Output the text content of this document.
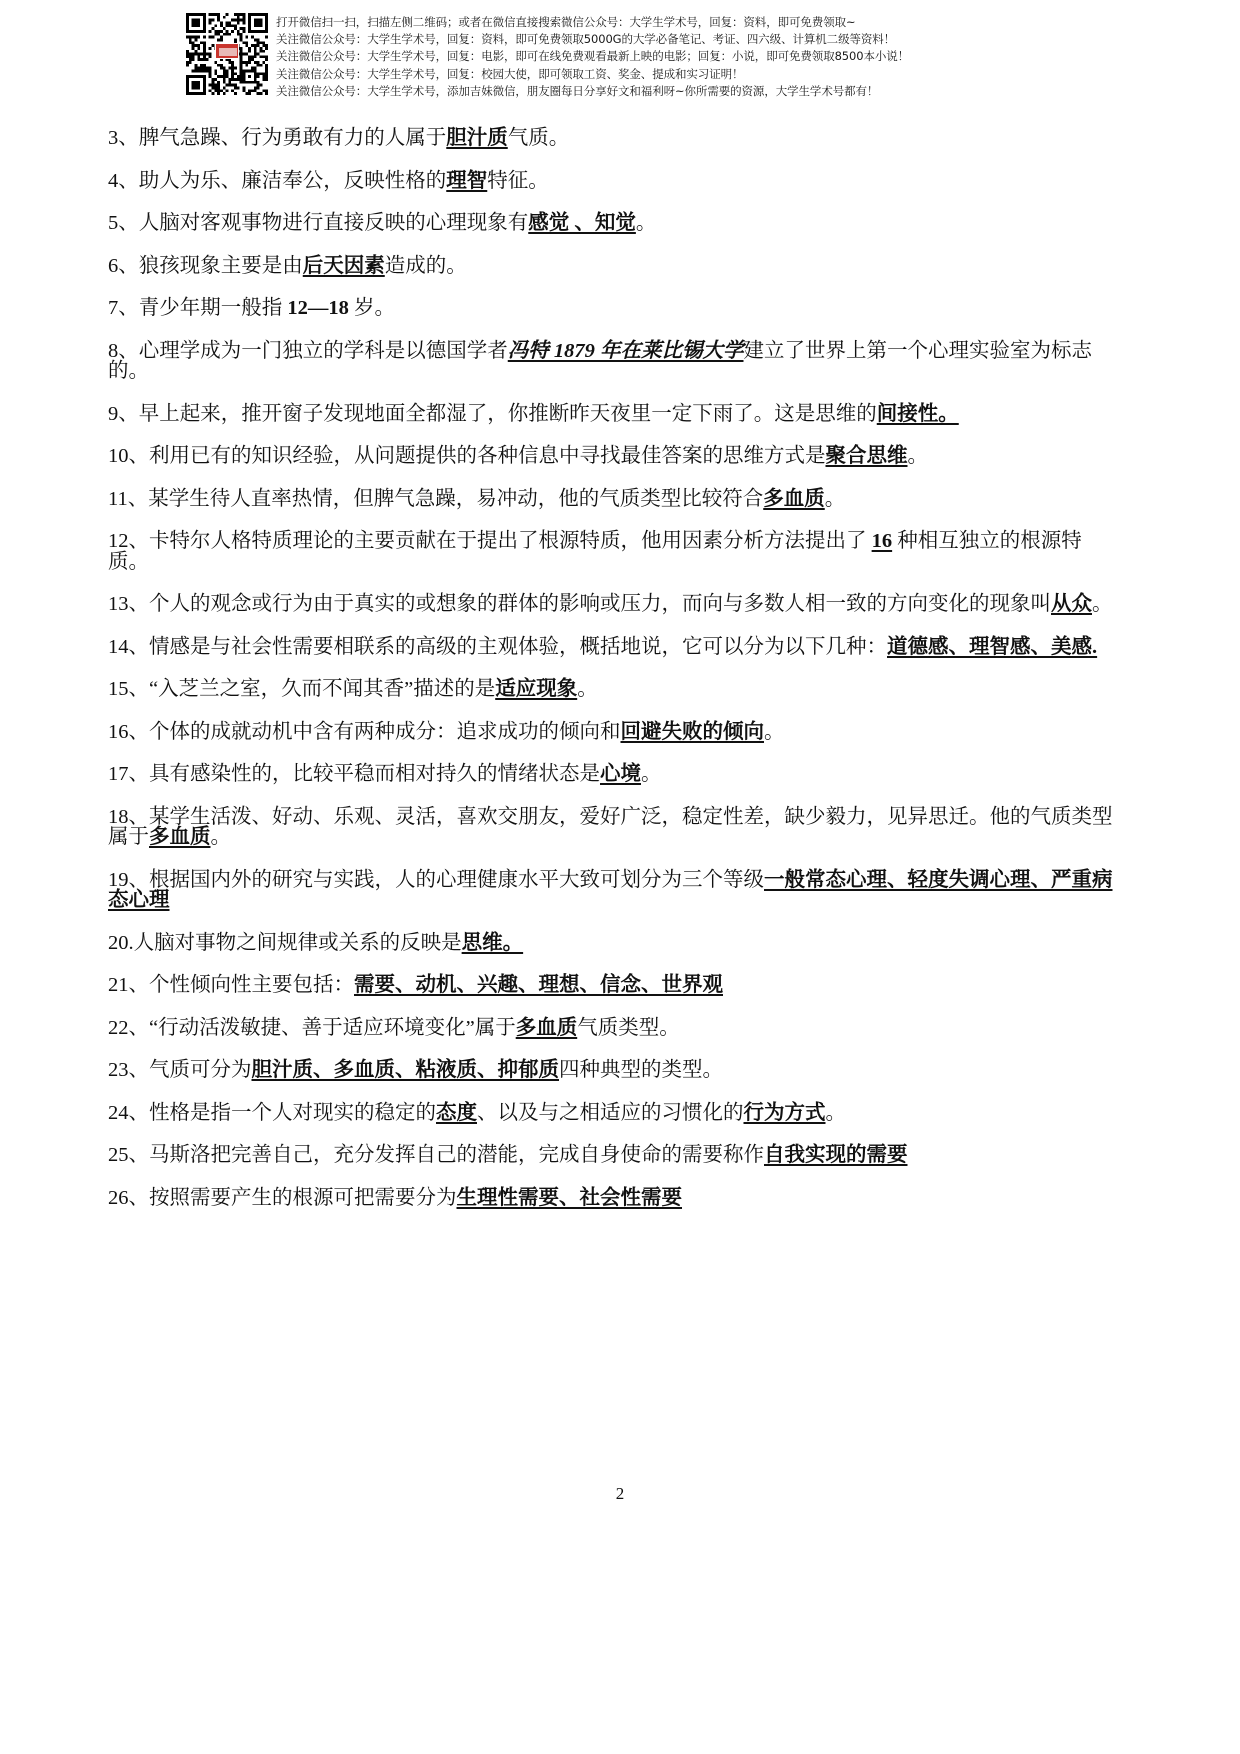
打开微信扫一扫，扫描左侧二维码；或者在微信直接搜索微信公众号：大学生学术号，回复：资料，即可免费领取~
关注微信公众号：大学生学术号，回复：资料，即可免费领取5000G的大学必备笔记、考证、四六级、计算机二级等资料！
关注微信公众号：大学生学术号，回复：电影，即可在线免费观看最新上映的电影；回复：小说，即可免费领取8500本小说！
关注微信公众号：大学生学术号，回复：校园大使，即可领取工资、奖金、提成和实习证明！
关注微信公众号：大学生学术号，添加吉妹微信，朋友圈每日分享好文和福利呀~你所需要的资源，大学生学术号都有！

3、脾气急躁、行为勇敢有力的人属于胆汁质气质。

4、助人为乐、廉洁奉公，反映性格的理智特征。

5、人脑对客观事物进行直接反映的心理现象有感觉 、知觉。

6、狼孩现象主要是由后天因素造成的。

7、青少年期一般指 12—18 岁。

8、心理学成为一门独立的学科是以德国学者冯特 1879 年在莱比锡大学建立了世界上第一个心理实验室为标志的。

9、早上起来，推开窗子发现地面全都湿了，你推断昨天夜里一定下雨了。这是思维的间接性。

10、利用已有的知识经验，从问题提供的各种信息中寻找最佳答案的思维方式是聚合思维。

11、某学生待人直率热情，但脾气急躁，易冲动，他的气质类型比较符合多血质。

12、卡特尔人格特质理论的主要贡献在于提出了根源特质，他用因素分析方法提出了 16 种相互独立的根源特质。

13、个人的观念或行为由于真实的或想象的群体的影响或压力，而向与多数人相一致的方向变化的现象叫从众。

14、情感是与社会性需要相联系的高级的主观体验，概括地说，它可以分为以下几种：道德感、理智感、美感.

15、“入芝兰之室，久而不闻其香”描述的是适应现象。

16、个体的成就动机中含有两种成分：追求成功的倾向和回避失败的倾向。

17、具有感染性的，比较平稳而相对持久的情绪状态是心境。

18、某学生活泼、好动、乐观、灵活，喜欢交朋友，爱好广泛，稳定性差，缺少毅力，见异思迁。他的气质类型属于多血质。

19、根据国内外的研究与实践，人的心理健康水平大致可划分为三个等级一般常态心理、轻度失调心理、严重病态心理

20.人脑对事物之间规律或关系的反映是思维。

21、个性倾向性主要包括：需要、动机、兴趣、理想、信念、世界观

22、“行动活泼敏捷、善于适应环境变化”属于多血质气质类型。

23、气质可分为胆汁质、多血质、粘液质、抑郁质四种典型的类型。

24、性格是指一个人对现实的稳定的态度、以及与之相适应的习惯化的行为方式。

25、马斯洛把完善自己，充分发挥自己的潜能，完成自身使命的需要称作自我实现的需要

26、按照需要产生的根源可把需要分为生理性需要、社会性需要

2
